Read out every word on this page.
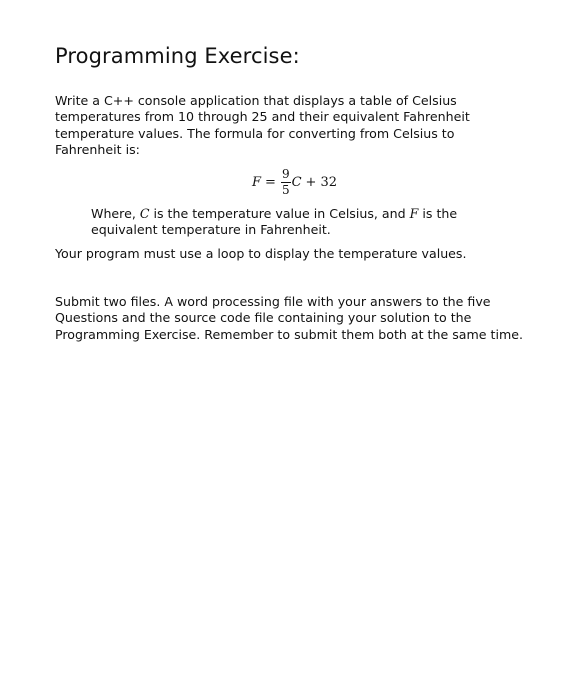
Programming Exercise:

Write a C++ console application that displays a table of Celsius temperatures from 10 through 25 and their equivalent Fahrenheit temperature values. The formula for converting from Celsius to Fahrenheit is:

$F = \frac{9}{5}$ C + 32

Where, C is the temperature value in Celsius, and F is the equivalent temperature in Fahrenheit.

Your program must use a loop to display the temperature values.

Submit two files. A word processing file with your answers to the five Questions and the source code file containing your solution to the Programming Exercise. Remember to submit them both at the same time.
